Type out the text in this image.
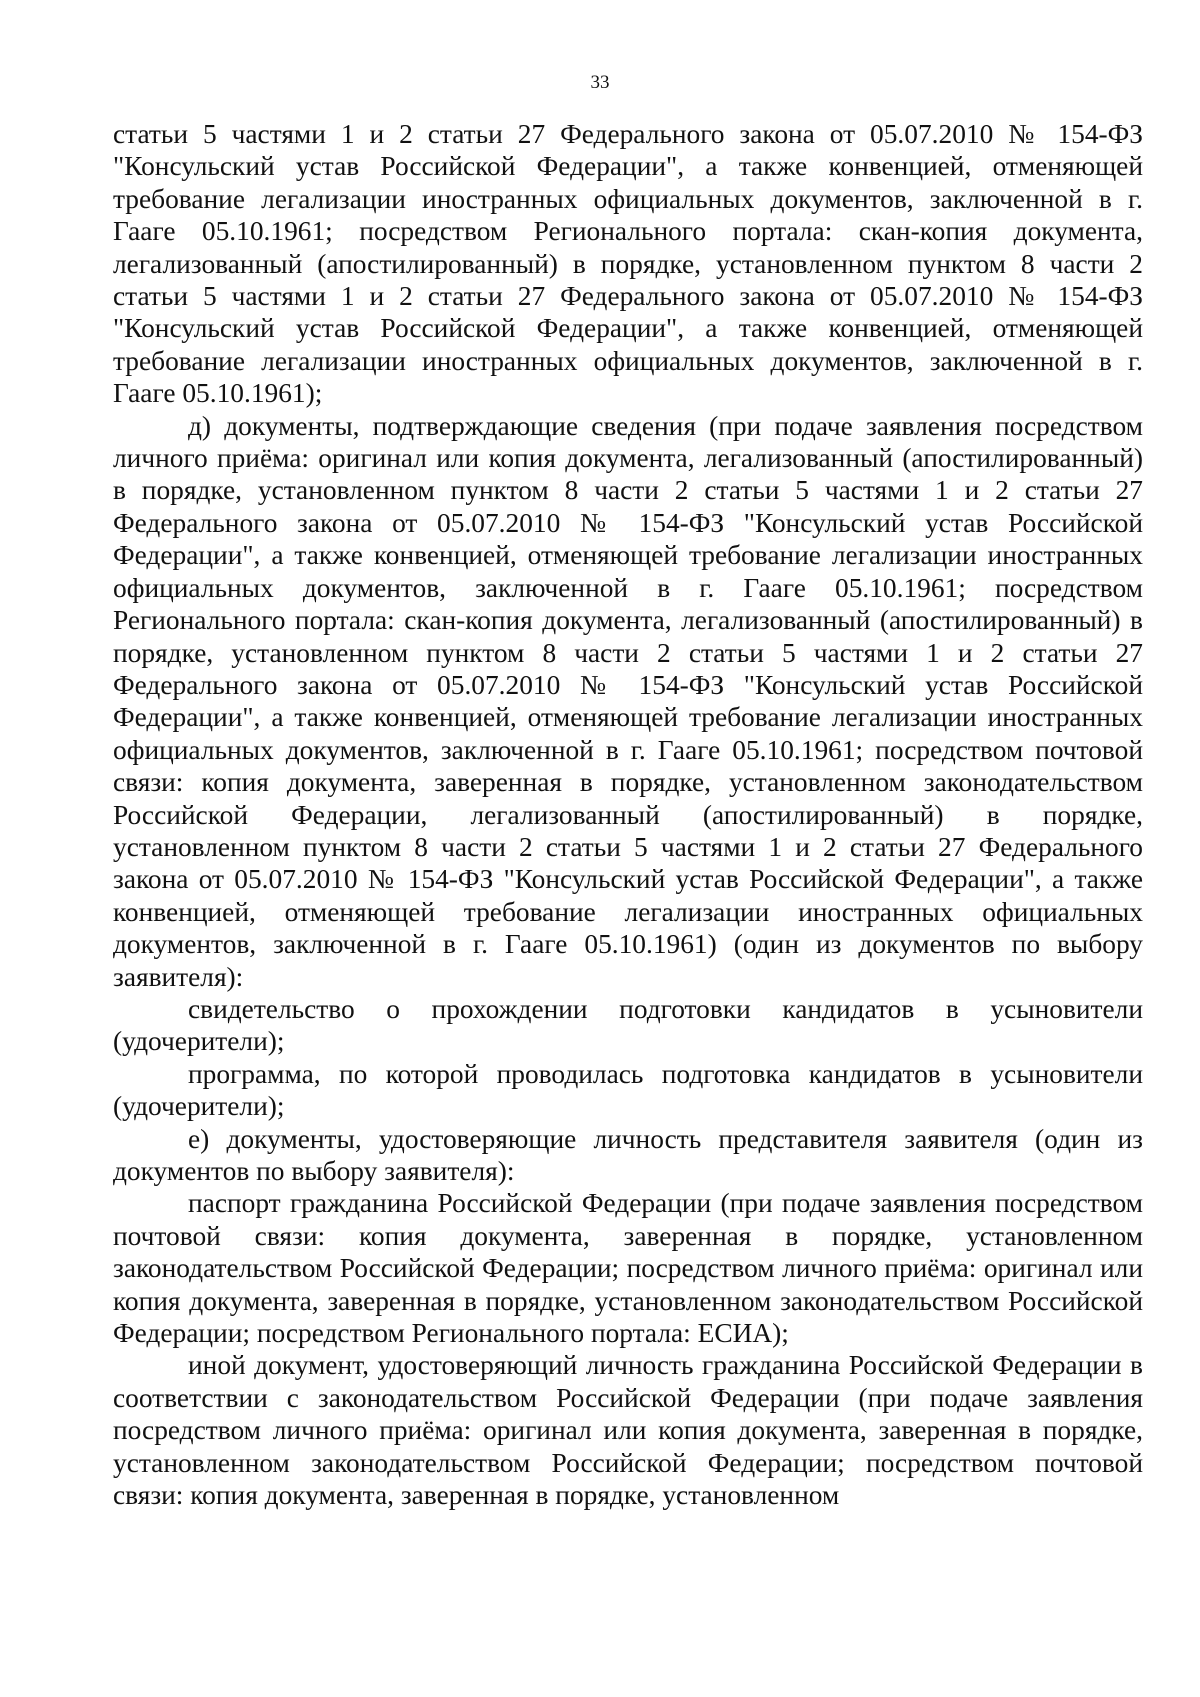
33

статьи 5 частями 1 и 2 статьи 27 Федерального закона от 05.07.2010 № 154-ФЗ "Консульский устав Российской Федерации", а также конвенцией, отменяющей требование легализации иностранных официальных документов, заключенной в г. Гааге 05.10.1961; посредством Регионального портала: скан-копия документа, легализованный (апостилированный) в порядке, установленном пунктом 8 части 2 статьи 5 частями 1 и 2 статьи 27 Федерального закона от 05.07.2010 № 154-ФЗ "Консульский устав Российской Федерации", а также конвенцией, отменяющей требование легализации иностранных официальных документов, заключенной в г. Гааге 05.10.1961);

д) документы, подтверждающие сведения (при подаче заявления посредством личного приёма: оригинал или копия документа, легализованный (апостилированный) в порядке, установленном пунктом 8 части 2 статьи 5 частями 1 и 2 статьи 27 Федерального закона от 05.07.2010 № 154-ФЗ "Консульский устав Российской Федерации", а также конвенцией, отменяющей требование легализации иностранных официальных документов, заключенной в г. Гааге 05.10.1961; посредством Регионального портала: скан-копия документа, легализованный (апостилированный) в порядке, установленном пунктом 8 части 2 статьи 5 частями 1 и 2 статьи 27 Федерального закона от 05.07.2010 № 154-ФЗ "Консульский устав Российской Федерации", а также конвенцией, отменяющей требование легализации иностранных официальных документов, заключенной в г. Гааге 05.10.1961; посредством почтовой связи: копия документа, заверенная в порядке, установленном законодательством Российской Федерации, легализованный (апостилированный) в порядке, установленном пунктом 8 части 2 статьи 5 частями 1 и 2 статьи 27 Федерального закона от 05.07.2010 № 154-ФЗ "Консульский устав Российской Федерации", а также конвенцией, отменяющей требование легализации иностранных официальных документов, заключенной в г. Гааге 05.10.1961) (один из документов по выбору заявителя):

свидетельство о прохождении подготовки кандидатов в усыновители (удочерители);

программа, по которой проводилась подготовка кандидатов в усыновители (удочерители);

е) документы, удостоверяющие личность представителя заявителя (один из документов по выбору заявителя):

паспорт гражданина Российской Федерации (при подаче заявления посредством почтовой связи: копия документа, заверенная в порядке, установленном законодательством Российской Федерации; посредством личного приёма: оригинал или копия документа, заверенная в порядке, установленном законодательством Российской Федерации; посредством Регионального портала: ЕСИА);

иной документ, удостоверяющий личность гражданина Российской Федерации в соответствии с законодательством Российской Федерации (при подаче заявления посредством личного приёма: оригинал или копия документа, заверенная в порядке, установленном законодательством Российской Федерации; посредством почтовой связи: копия документа, заверенная в порядке, установленном
